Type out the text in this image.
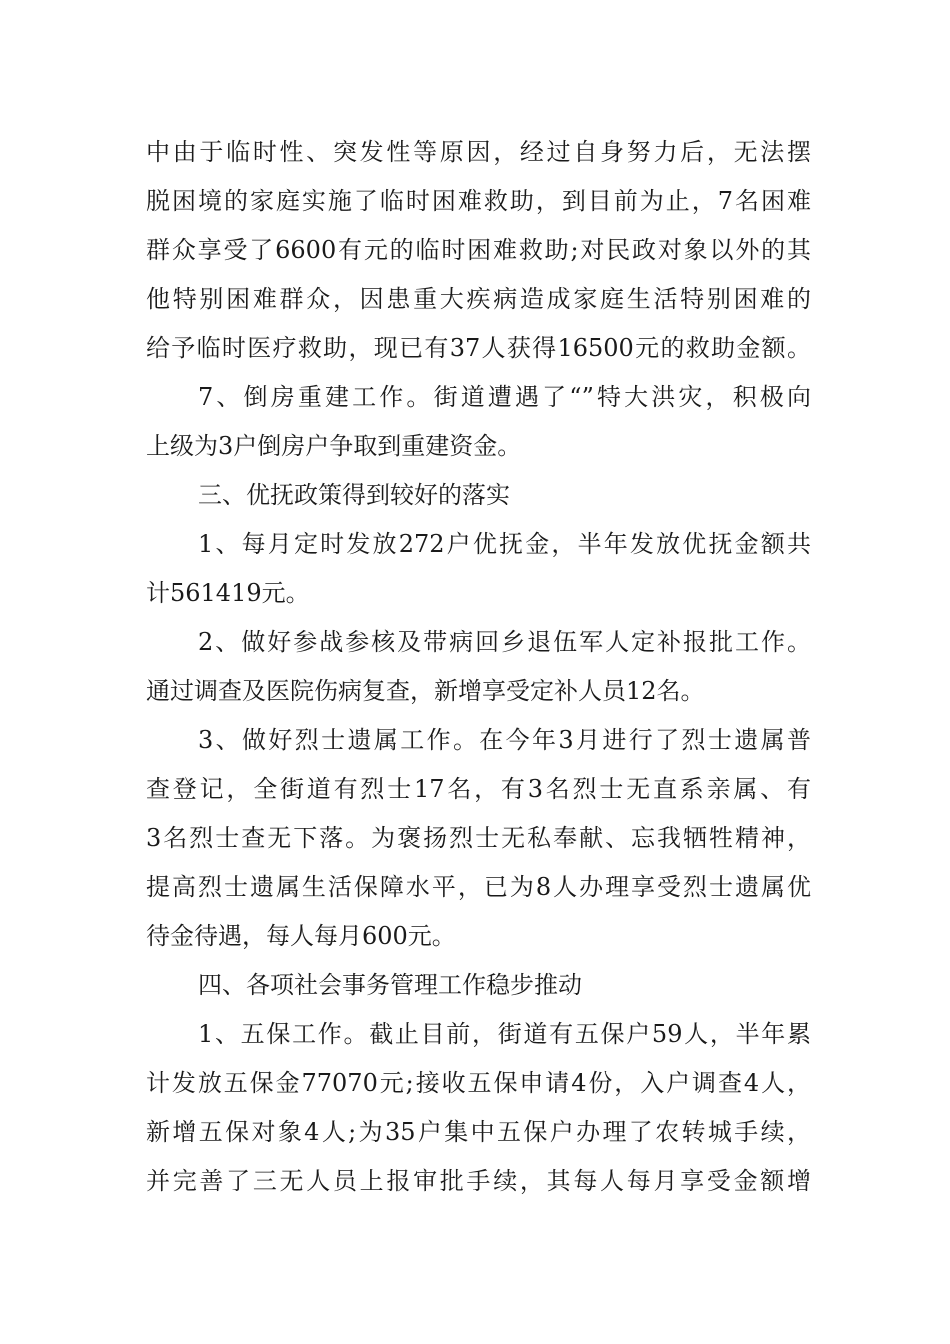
中由于临时性、突发性等原因，经过自身努力后，无法摆
脱困境的家庭实施了临时困难救助，到目前为止，7名困难
群众享受了6600有元的临时困难救助;对民政对象以外的其
他特别困难群众，因患重大疾病造成家庭生活特别困难的
给予临时医疗救助，现已有37人获得16500元的救助金额。
7、倒房重建工作。街道遭遇了“”特大洪灾，积极向
上级为3户倒房户争取到重建资金。
三、优抚政策得到较好的落实
1、每月定时发放272户优抚金，半年发放优抚金额共
计561419元。
2、做好参战参核及带病回乡退伍军人定补报批工作。
通过调查及医院伤病复查，新增享受定补人员12名。
3、做好烈士遗属工作。在今年3月进行了烈士遗属普
查登记，全街道有烈士17名，有3名烈士无直系亲属、有
3名烈士查无下落。为褒扬烈士无私奉献、忘我牺牲精神，
提高烈士遗属生活保障水平，已为8人办理享受烈士遗属优
待金待遇，每人每月600元。
四、各项社会事务管理工作稳步推动
1、五保工作。截止目前，街道有五保户59人，半年累
计发放五保金77070元;接收五保申请4份，入户调查4人，
新增五保对象4人;为35户集中五保户办理了农转城手续，
并完善了三无人员上报审批手续，其每人每月享受金额增
